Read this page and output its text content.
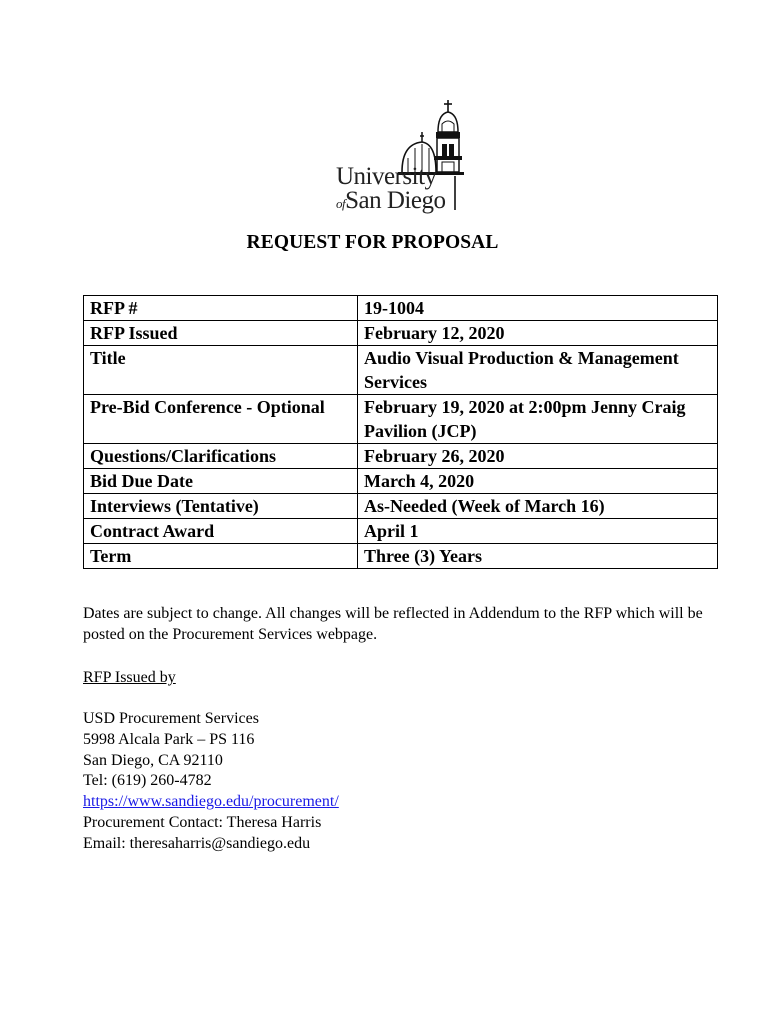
University
ofSan Diego
REQUEST FOR PROPOSAL
RFP #	19-1004
RFP Issued	February 12, 2020
Title	Audio Visual Production & Management Services
Pre-Bid Conference - Optional	February 19, 2020 at 2:00pm Jenny Craig Pavilion (JCP)
Questions/Clarifications	February 26, 2020
Bid Due Date	March 4, 2020
Interviews (Tentative)	As-Needed (Week of March 16)
Contract Award	April 1
Term	Three (3) Years
Dates are subject to change. All changes will be reflected in Addendum to the RFP which will be posted on the Procurement Services webpage.
RFP Issued by
USD Procurement Services
5998 Alcala Park – PS 116
San Diego, CA 92110
Tel: (619) 260-4782
https://www.sandiego.edu/procurement/
Procurement Contact: Theresa Harris
Email: theresaharris@sandiego.edu
